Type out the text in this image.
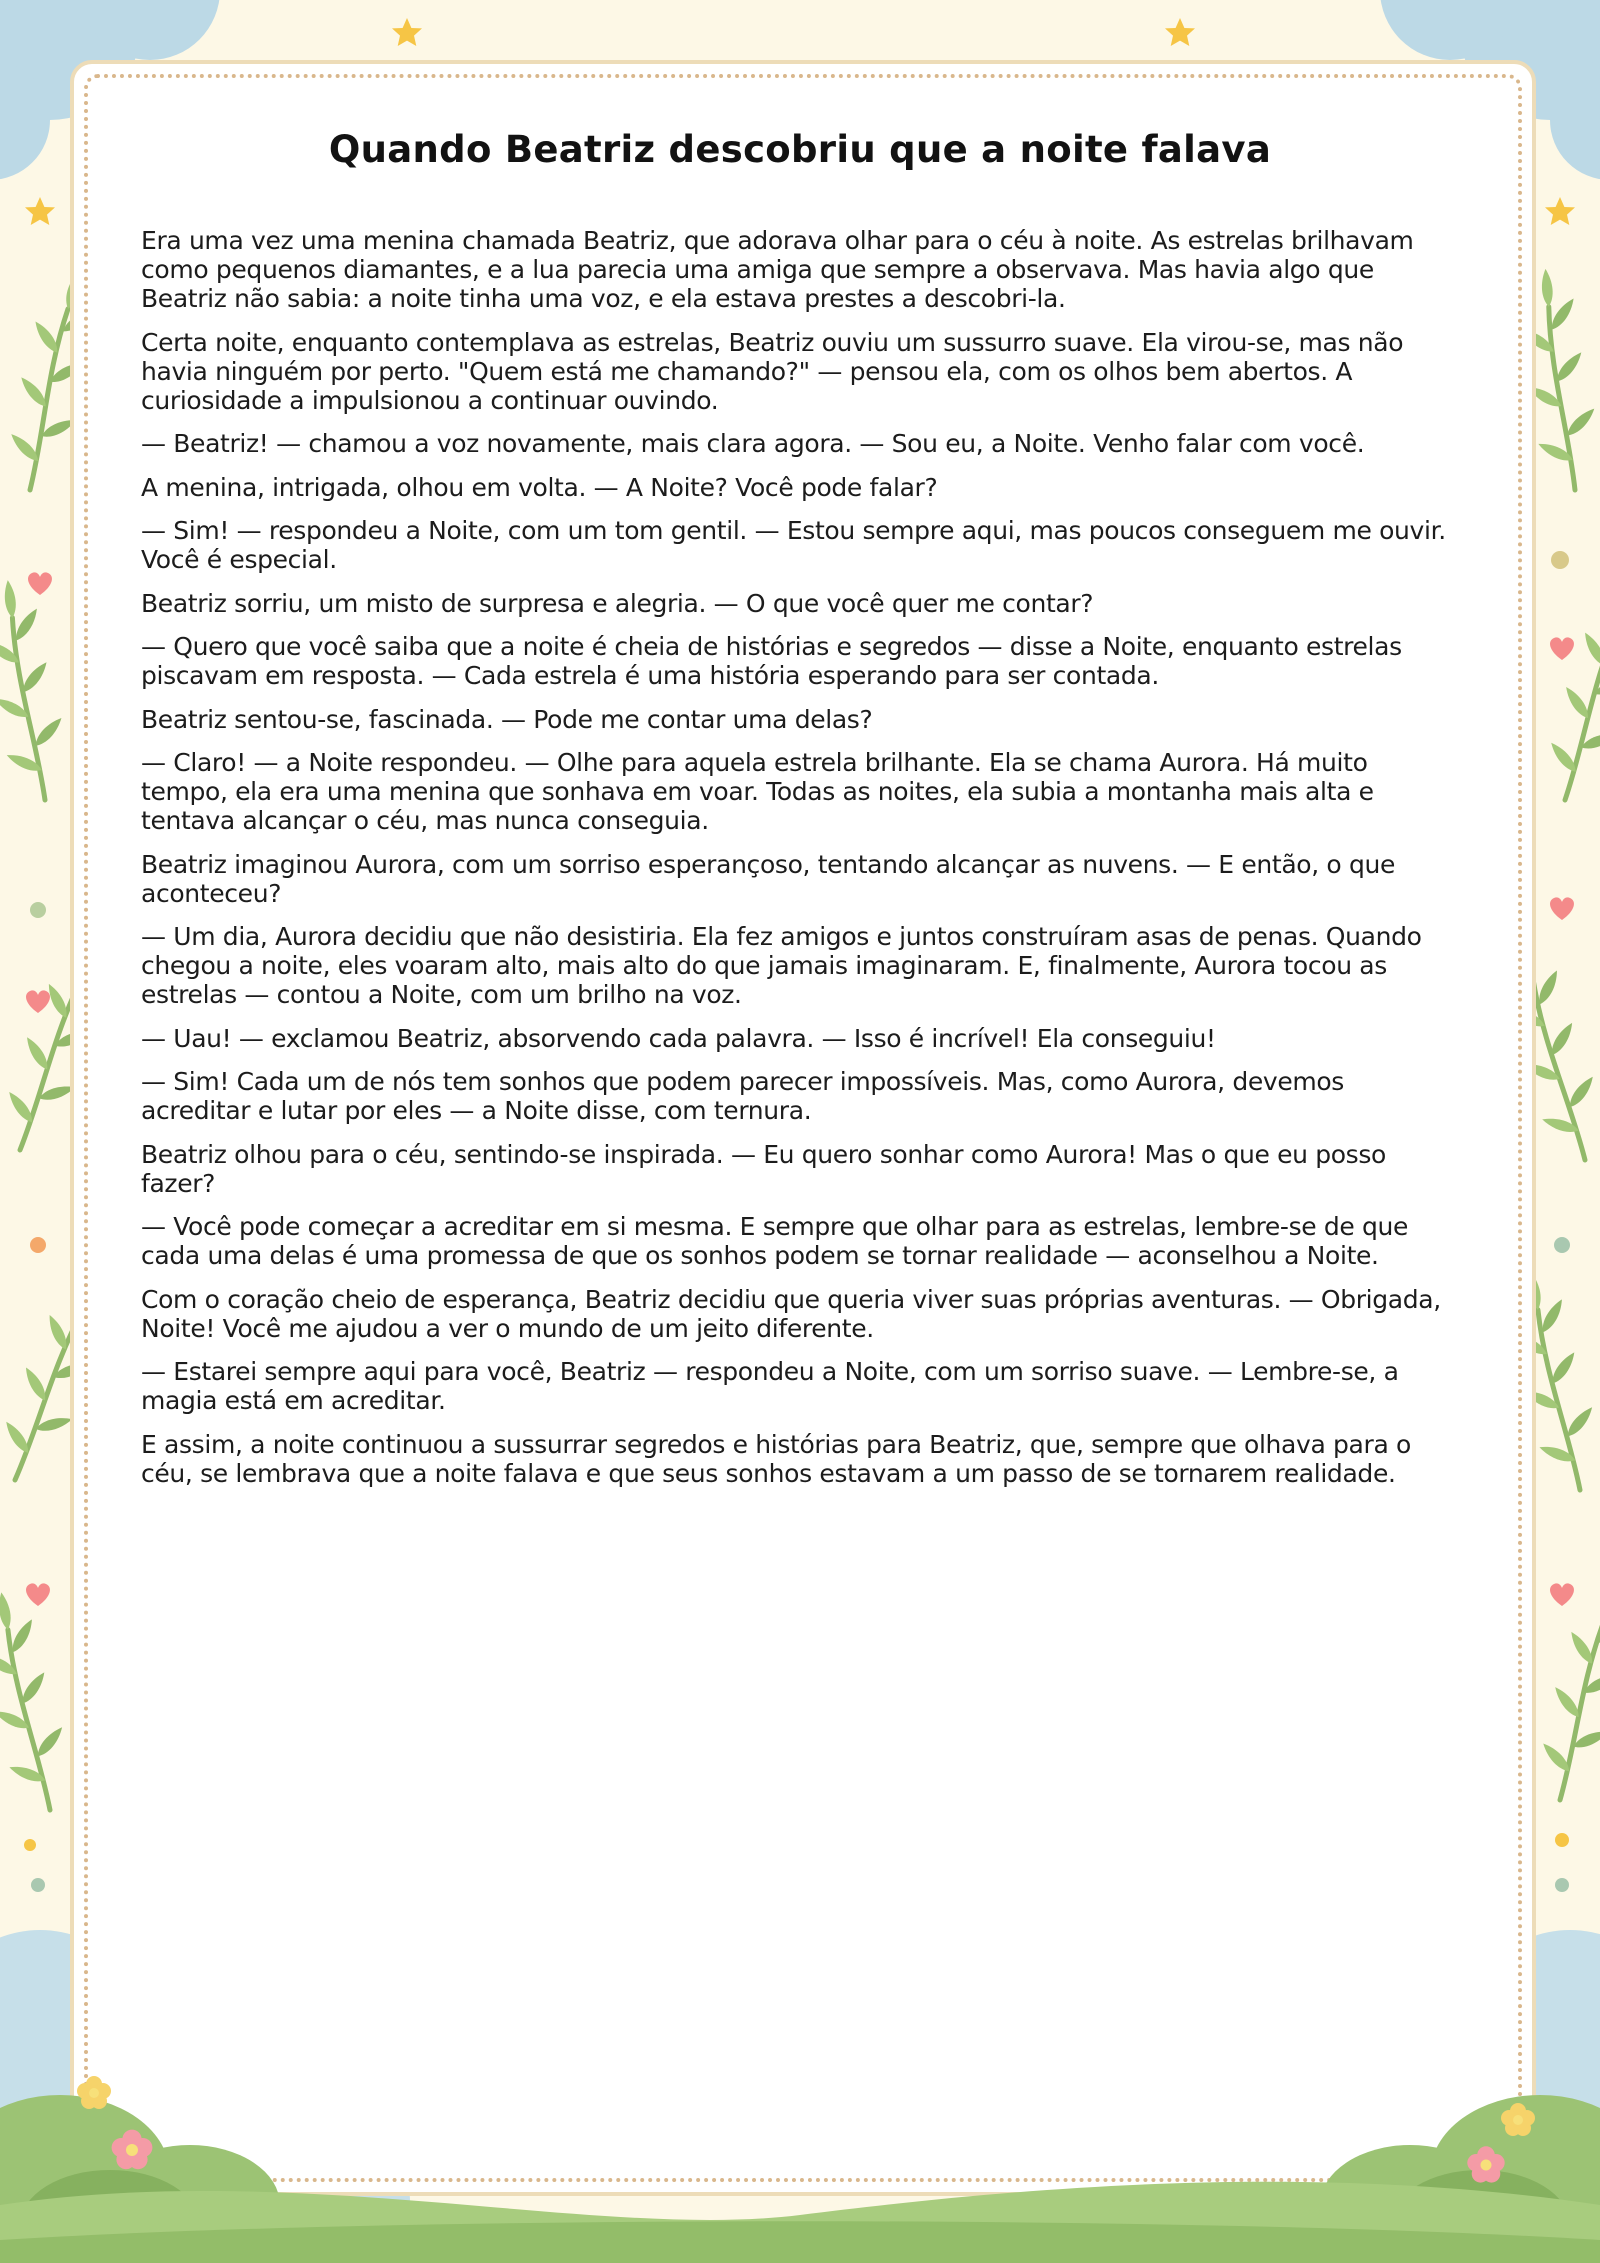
Quando Beatriz descobriu que a noite falava

Era uma vez uma menina chamada Beatriz, que adorava olhar para o céu à noite. As estrelas brilhavam como pequenos diamantes, e a lua parecia uma amiga que sempre a observava. Mas havia algo que Beatriz não sabia: a noite tinha uma voz, e ela estava prestes a descobri-la.

Certa noite, enquanto contemplava as estrelas, Beatriz ouviu um sussurro suave. Ela virou-se, mas não havia ninguém por perto. "Quem está me chamando?" — pensou ela, com os olhos bem abertos. A curiosidade a impulsionou a continuar ouvindo.

— Beatriz! — chamou a voz novamente, mais clara agora. — Sou eu, a Noite. Venho falar com você.

A menina, intrigada, olhou em volta. — A Noite? Você pode falar?

— Sim! — respondeu a Noite, com um tom gentil. — Estou sempre aqui, mas poucos conseguem me ouvir. Você é especial.

Beatriz sorriu, um misto de surpresa e alegria. — O que você quer me contar?

— Quero que você saiba que a noite é cheia de histórias e segredos — disse a Noite, enquanto estrelas piscavam em resposta. — Cada estrela é uma história esperando para ser contada.

Beatriz sentou-se, fascinada. — Pode me contar uma delas?

— Claro! — a Noite respondeu. — Olhe para aquela estrela brilhante. Ela se chama Aurora. Há muito tempo, ela era uma menina que sonhava em voar. Todas as noites, ela subia a montanha mais alta e tentava alcançar o céu, mas nunca conseguia.

Beatriz imaginou Aurora, com um sorriso esperançoso, tentando alcançar as nuvens. — E então, o que aconteceu?

— Um dia, Aurora decidiu que não desistiria. Ela fez amigos e juntos construíram asas de penas. Quando chegou a noite, eles voaram alto, mais alto do que jamais imaginaram. E, finalmente, Aurora tocou as estrelas — contou a Noite, com um brilho na voz.

— Uau! — exclamou Beatriz, absorvendo cada palavra. — Isso é incrível! Ela conseguiu!

— Sim! Cada um de nós tem sonhos que podem parecer impossíveis. Mas, como Aurora, devemos acreditar e lutar por eles — a Noite disse, com ternura.

Beatriz olhou para o céu, sentindo-se inspirada. — Eu quero sonhar como Aurora! Mas o que eu posso fazer?

— Você pode começar a acreditar em si mesma. E sempre que olhar para as estrelas, lembre-se de que cada uma delas é uma promessa de que os sonhos podem se tornar realidade — aconselhou a Noite.

Com o coração cheio de esperança, Beatriz decidiu que queria viver suas próprias aventuras. — Obrigada, Noite! Você me ajudou a ver o mundo de um jeito diferente.

— Estarei sempre aqui para você, Beatriz — respondeu a Noite, com um sorriso suave. — Lembre-se, a magia está em acreditar.

E assim, a noite continuou a sussurrar segredos e histórias para Beatriz, que, sempre que olhava para o céu, se lembrava que a noite falava e que seus sonhos estavam a um passo de se tornarem realidade.
